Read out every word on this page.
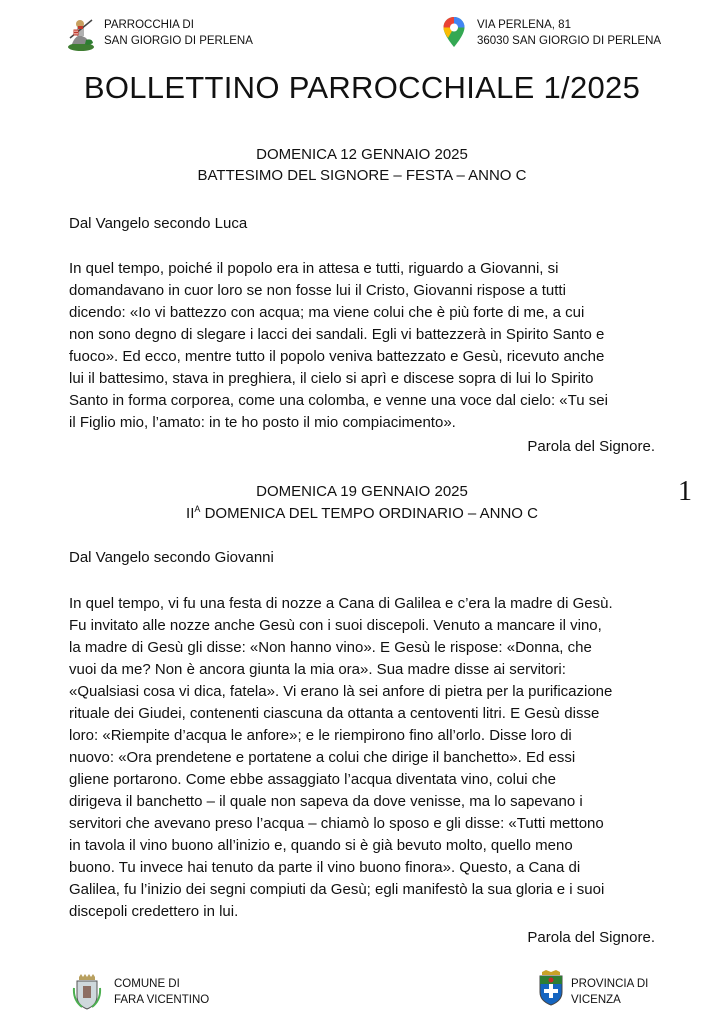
PARROCCHIA DI
SAN GIORGIO DI PERLENA
VIA PERLENA, 81
36030 SAN GIORGIO DI PERLENA
BOLLETTINO PARROCCHIALE 1/2025
DOMENICA 12 GENNAIO 2025
BATTESIMO DEL SIGNORE – FESTA – ANNO C
Dal Vangelo secondo Luca
In quel tempo, poiché il popolo era in attesa e tutti, riguardo a Giovanni, si
domandavano in cuor loro se non fosse lui il Cristo, Giovanni rispose a tutti
dicendo: «Io vi battezzo con acqua; ma viene colui che è più forte di me, a cui
non sono degno di slegare i lacci dei sandali. Egli vi battezzerà in Spirito Santo e
fuoco». Ed ecco, mentre tutto il popolo veniva battezzato e Gesù, ricevuto anche
lui il battesimo, stava in preghiera, il cielo si aprì e discese sopra di lui lo Spirito
Santo in forma corporea, come una colomba, e venne una voce dal cielo: «Tu sei
il Figlio mio, l’amato: in te ho posto il mio compiacimento».
Parola del Signore.
1
DOMENICA 19 GENNAIO 2025
$II^A$ DOMENICA DEL TEMPO ORDINARIO – ANNO C
Dal Vangelo secondo Giovanni
In quel tempo, vi fu una festa di nozze a Cana di Galilea e c’era la madre di Gesù.
Fu invitato alle nozze anche Gesù con i suoi discepoli. Venuto a mancare il vino,
la madre di Gesù gli disse: «Non hanno vino». E Gesù le rispose: «Donna, che
vuoi da me? Non è ancora giunta la mia ora». Sua madre disse ai servitori:
«Qualsiasi cosa vi dica, fatela». Vi erano là sei anfore di pietra per la purificazione
rituale dei Giudei, contenenti ciascuna da ottanta a centoventi litri. E Gesù disse
loro: «Riempite d’acqua le anfore»; e le riempirono fino all’orlo. Disse loro di
nuovo: «Ora prendetene e portatene a colui che dirige il banchetto». Ed essi
gliene portarono. Come ebbe assaggiato l’acqua diventata vino, colui che
dirigeva il banchetto – il quale non sapeva da dove venisse, ma lo sapevano i
servitori che avevano preso l’acqua – chiamò lo sposo e gli disse: «Tutti mettono
in tavola il vino buono all’inizio e, quando si è già bevuto molto, quello meno
buono. Tu invece hai tenuto da parte il vino buono finora». Questo, a Cana di
Galilea, fu l’inizio dei segni compiuti da Gesù; egli manifestò la sua gloria e i suoi
discepoli credettero in lui.
Parola del Signore.
COMUNE DI
FARA VICENTINO
PROVINCIA DI
VICENZA
